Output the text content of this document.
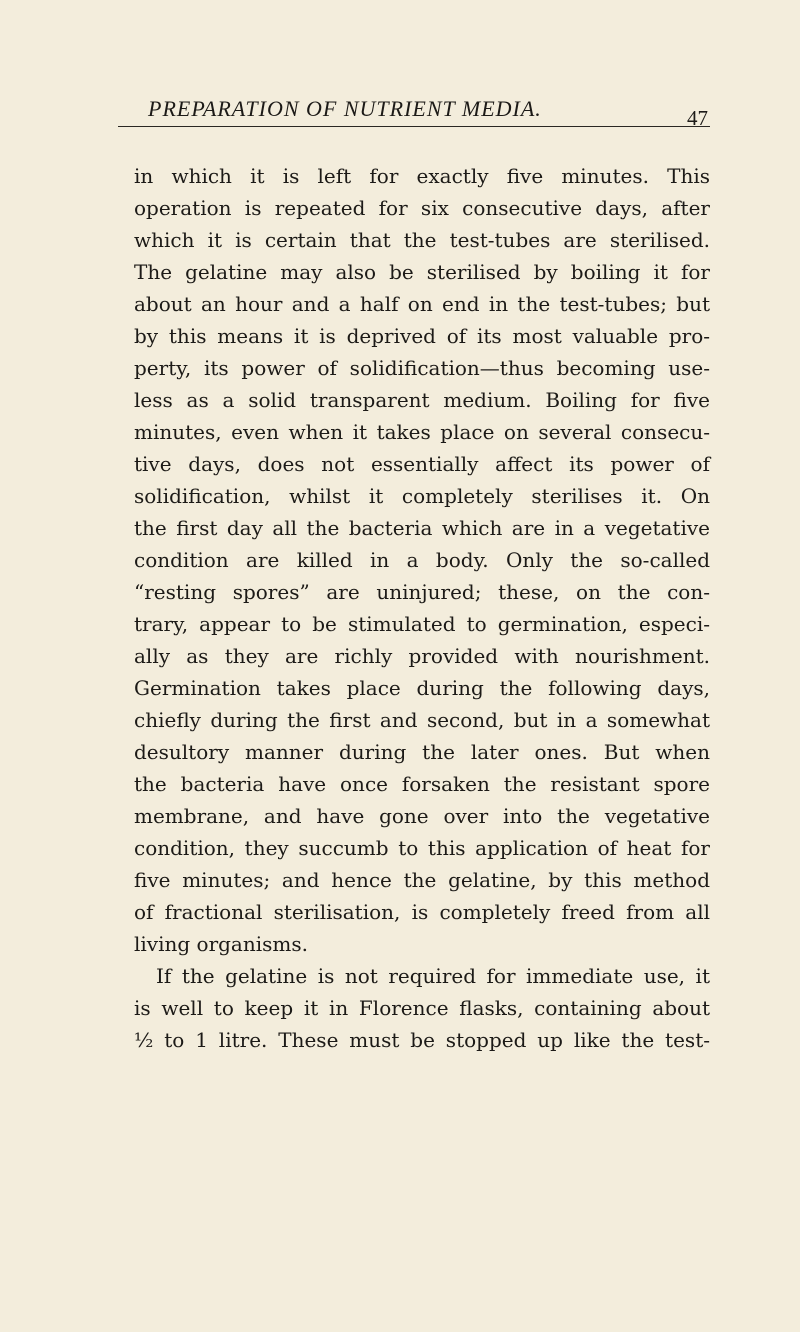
PREPARATION OF NUTRIENT MEDIA.	47
in which it is left for exactly five minutes. This
operation is repeated for six consecutive days, after
which it is certain that the test-tubes are sterilised.
The gelatine may also be sterilised by boiling it for
about an hour and a half on end in the test-tubes; but
by this means it is deprived of its most valuable pro-
perty, its power of solidification—thus becoming use-
less as a solid transparent medium. Boiling for five
minutes, even when it takes place on several consecu-
tive days, does not essentially affect its power of
solidification, whilst it completely sterilises it. On
the first day all the bacteria which are in a vegetative
condition are killed in a body. Only the so-called
“resting spores” are uninjured; these, on the con-
trary, appear to be stimulated to germination, especi-
ally as they are richly provided with nourishment.
Germination takes place during the following days,
chiefly during the first and second, but in a somewhat
desultory manner during the later ones. But when
the bacteria have once forsaken the resistant spore
membrane, and have gone over into the vegetative
condition, they succumb to this application of heat for
five minutes; and hence the gelatine, by this method
of fractional sterilisation, is completely freed from all
living organisms.
If the gelatine is not required for immediate use, it
is well to keep it in Florence flasks, containing about
½ to 1 litre. These must be stopped up like the test-
